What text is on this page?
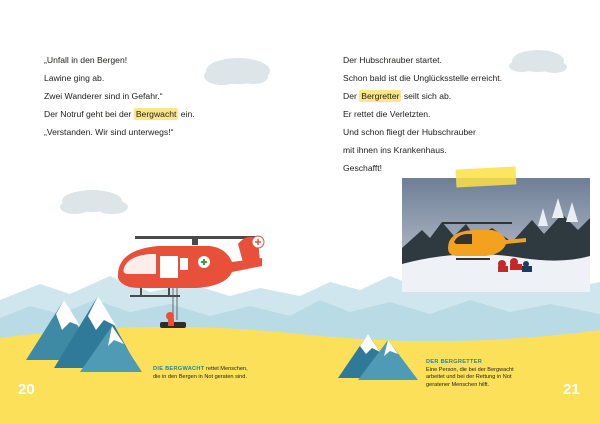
„Unfall in den Bergen!
Lawine ging ab.
Zwei Wanderer sind in Gefahr.“
Der Notruf geht bei der Bergwacht ein.
„Verstanden. Wir sind unterwegs!“
Der Hubschrauber startet.
Schon bald ist die Unglücksstelle erreicht.
Der Bergretter seilt sich ab.
Er rettet die Verletzten.
Und schon fliegt der Hubschrauber
mit ihnen ins Krankenhaus.
Geschafft!
DIE BERGWACHT rettet Menschen,
die in den Bergen in Not geraten sind.
DER BERGRETTER
Eine Person, die bei der Bergwacht
arbeitet und bei der Rettung in Not
geratener Menschen hilft.
20	21
